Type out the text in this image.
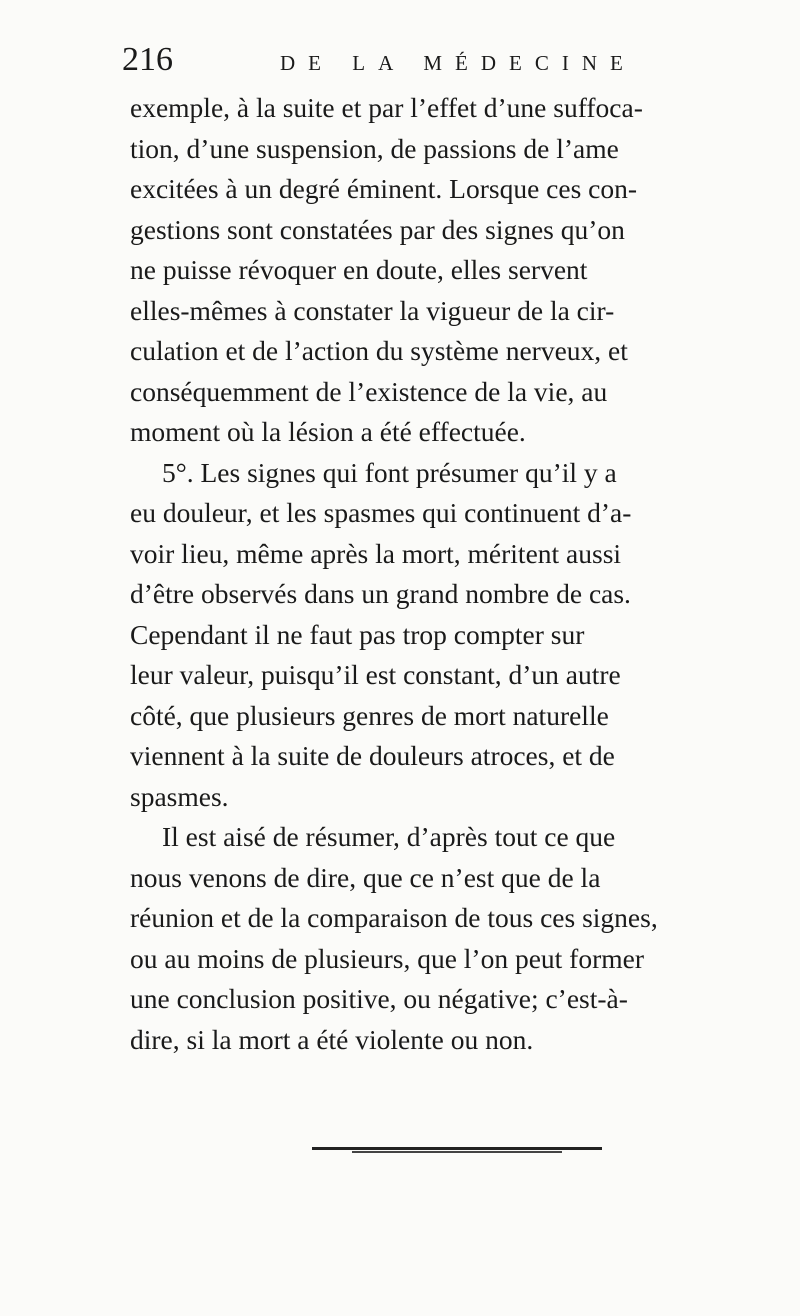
216	DE LA MÉDECINE
exemple, à la suite et par l’effet d’une suffoca-
tion, d’une suspension, de passions de l’ame
excitées à un degré éminent. Lorsque ces con-
gestions sont constatées par des signes qu’on
ne puisse révoquer en doute, elles servent
elles-mêmes à constater la vigueur de la cir-
culation et de l’action du système nerveux, et
conséquemment de l’existence de la vie, au
moment où la lésion a été effectuée.
5°. Les signes qui font présumer qu’il y a
eu douleur, et les spasmes qui continuent d’a-
voir lieu, même après la mort, méritent aussi
d’être observés dans un grand nombre de cas.
Cependant il ne faut pas trop compter sur
leur valeur, puisqu’il est constant, d’un autre
côté, que plusieurs genres de mort naturelle
viennent à la suite de douleurs atroces, et de
spasmes.
Il est aisé de résumer, d’après tout ce que
nous venons de dire, que ce n’est que de la
réunion et de la comparaison de tous ces signes,
ou au moins de plusieurs, que l’on peut former
une conclusion positive, ou négative; c’est-à-
dire, si la mort a été violente ou non.
